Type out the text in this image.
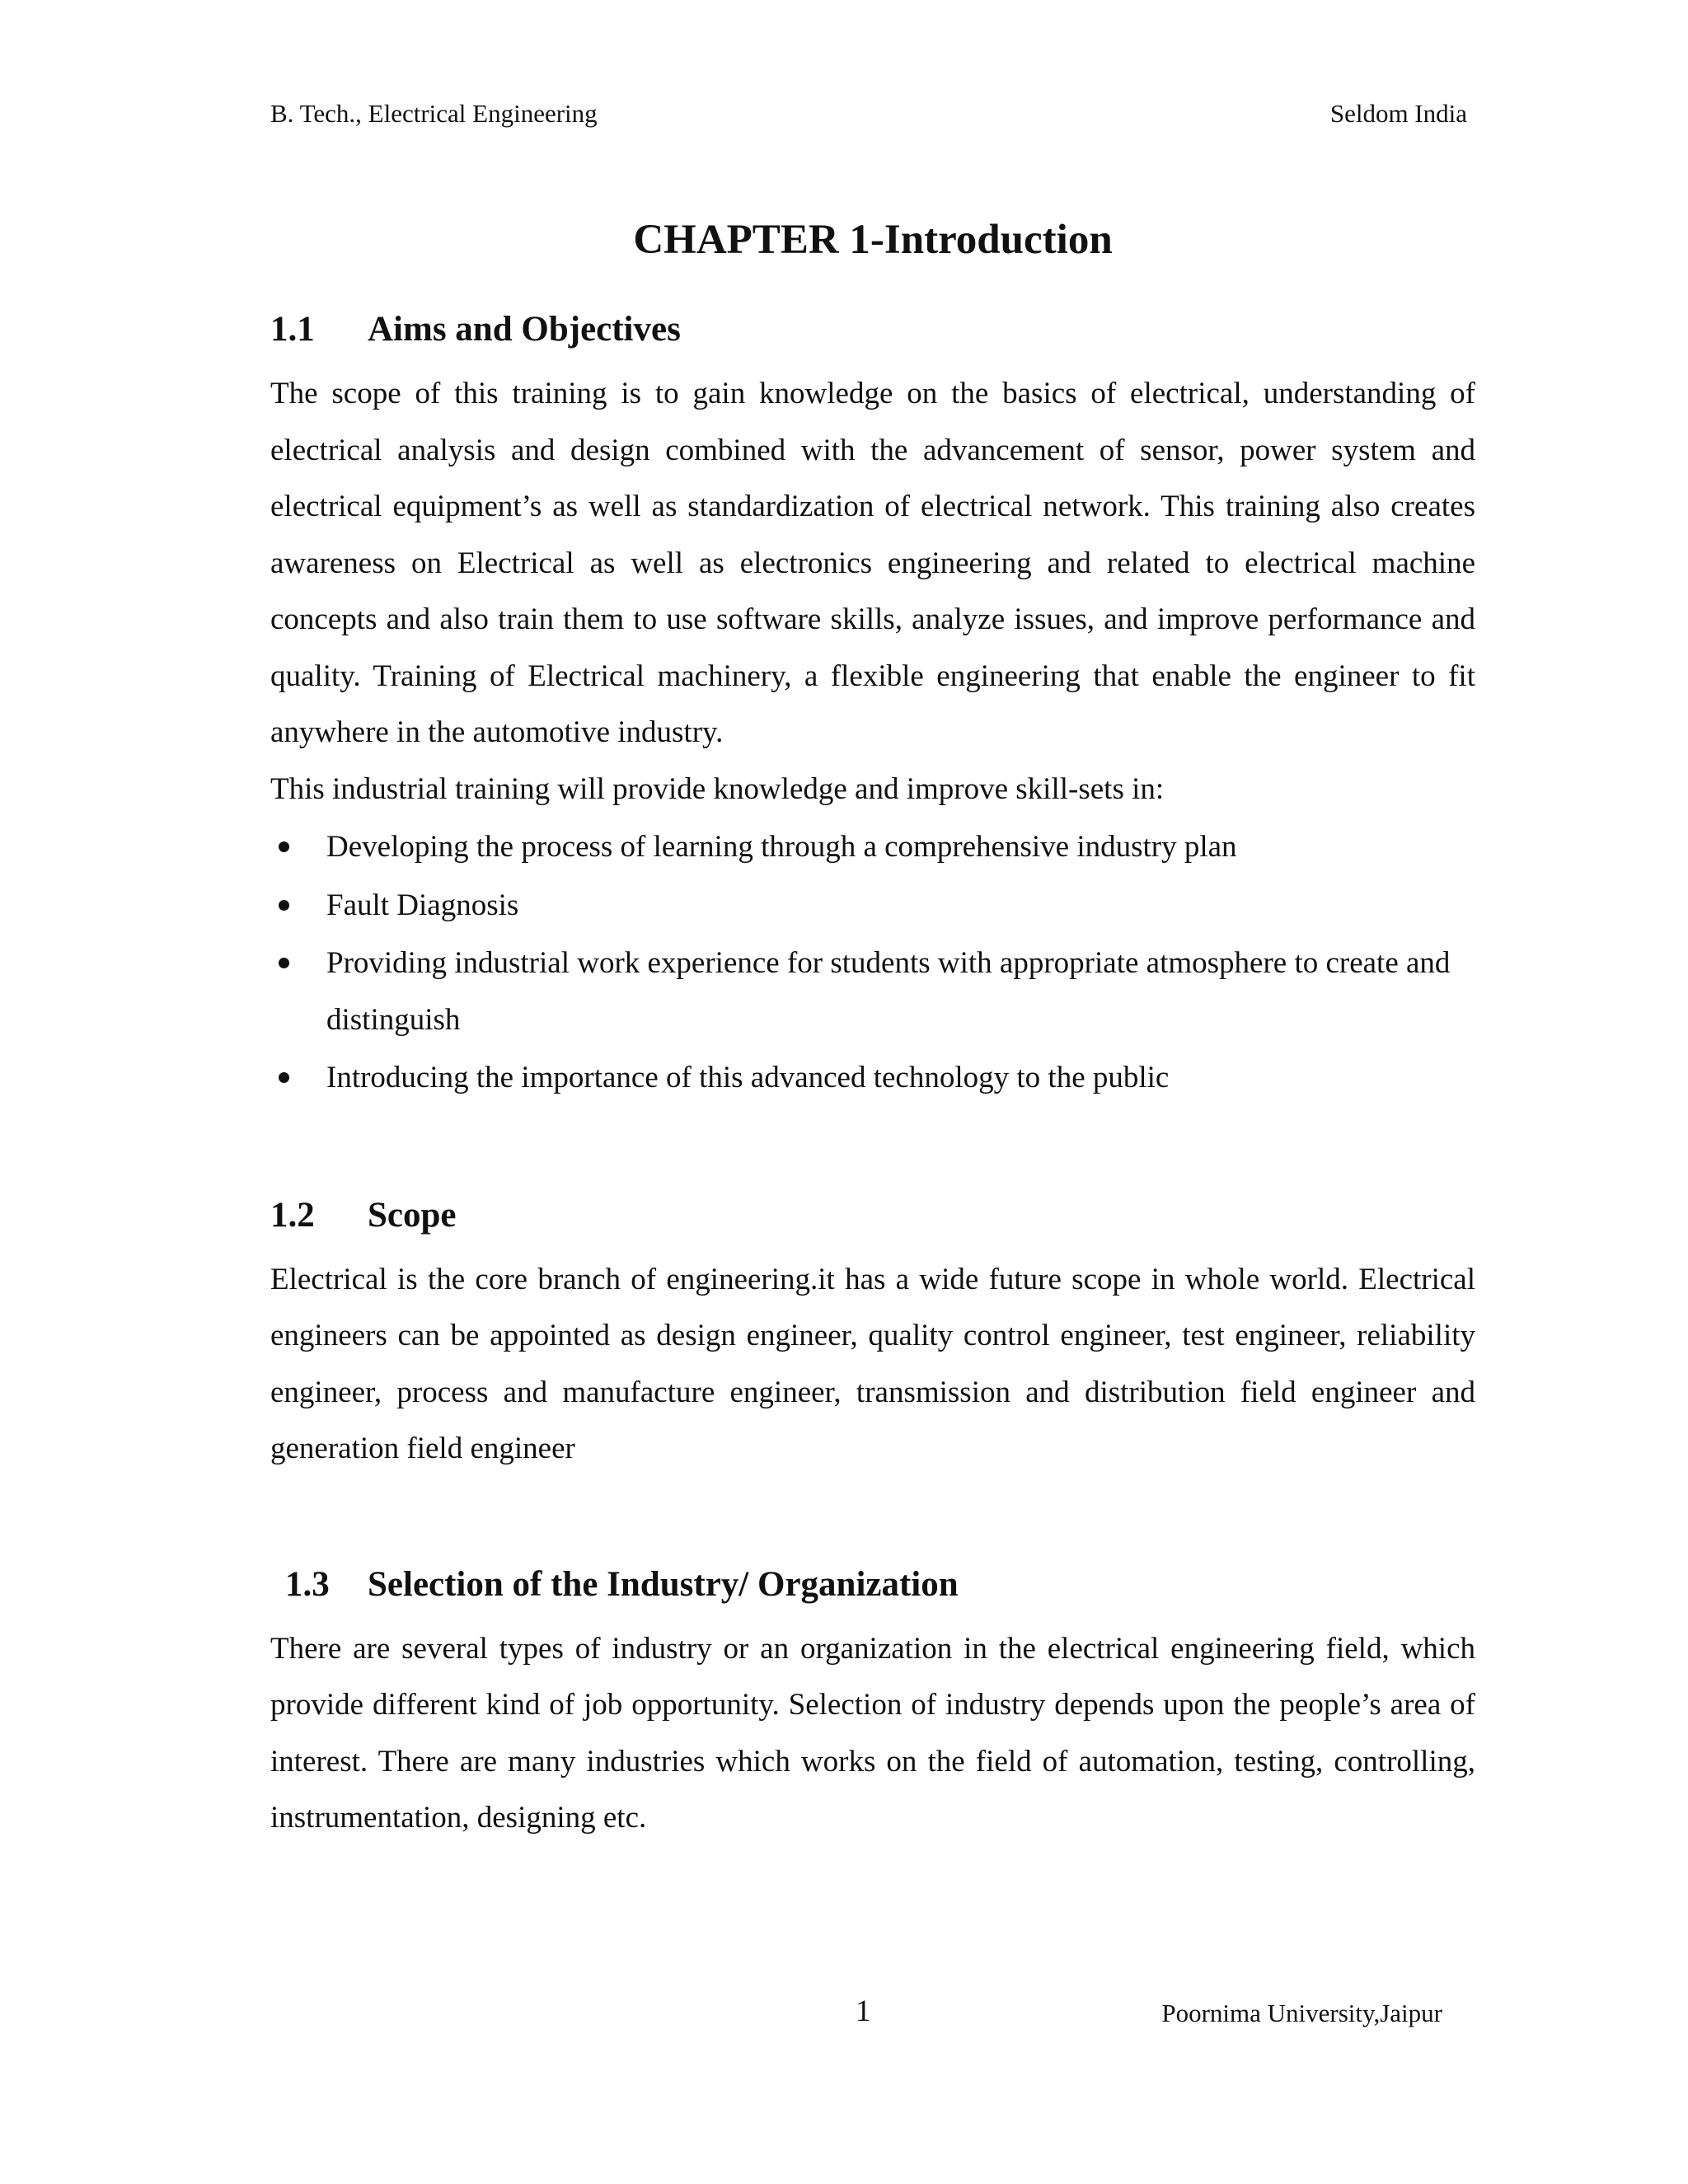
B. Tech., Electrical Engineering	Seldom India
CHAPTER 1-Introduction
1.1	Aims and Objectives

The scope of this training is to gain knowledge on the basics of electrical, understanding of electrical analysis and design combined with the advancement of sensor, power system and electrical equipment’s as well as standardization of electrical network. This training also creates awareness on Electrical as well as electronics engineering and related to electrical machine concepts and also train them to use software skills, analyze issues, and improve performance and quality. Training of Electrical machinery, a flexible engineering that enable the engineer to fit anywhere in the automotive industry.

This industrial training will provide knowledge and improve skill-sets in:

Developing the process of learning through a comprehensive industry plan
Fault Diagnosis
Providing industrial work experience for students with appropriate atmosphere to create and distinguish
Introducing the importance of this advanced technology to the public
1.2	Scope

Electrical is the core branch of engineering.it has a wide future scope in whole world. Electrical engineers can be appointed as design engineer, quality control engineer, test engineer, reliability engineer, process and manufacture engineer, transmission and distribution field engineer and generation field engineer

1.3	Selection of the Industry/ Organization

There are several types of industry or an organization in the electrical engineering field, which provide different kind of job opportunity. Selection of industry depends upon the people’s area of interest. There are many industries which works on the field of automation, testing, controlling, instrumentation, designing etc.

1	Poornima University,Jaipur
